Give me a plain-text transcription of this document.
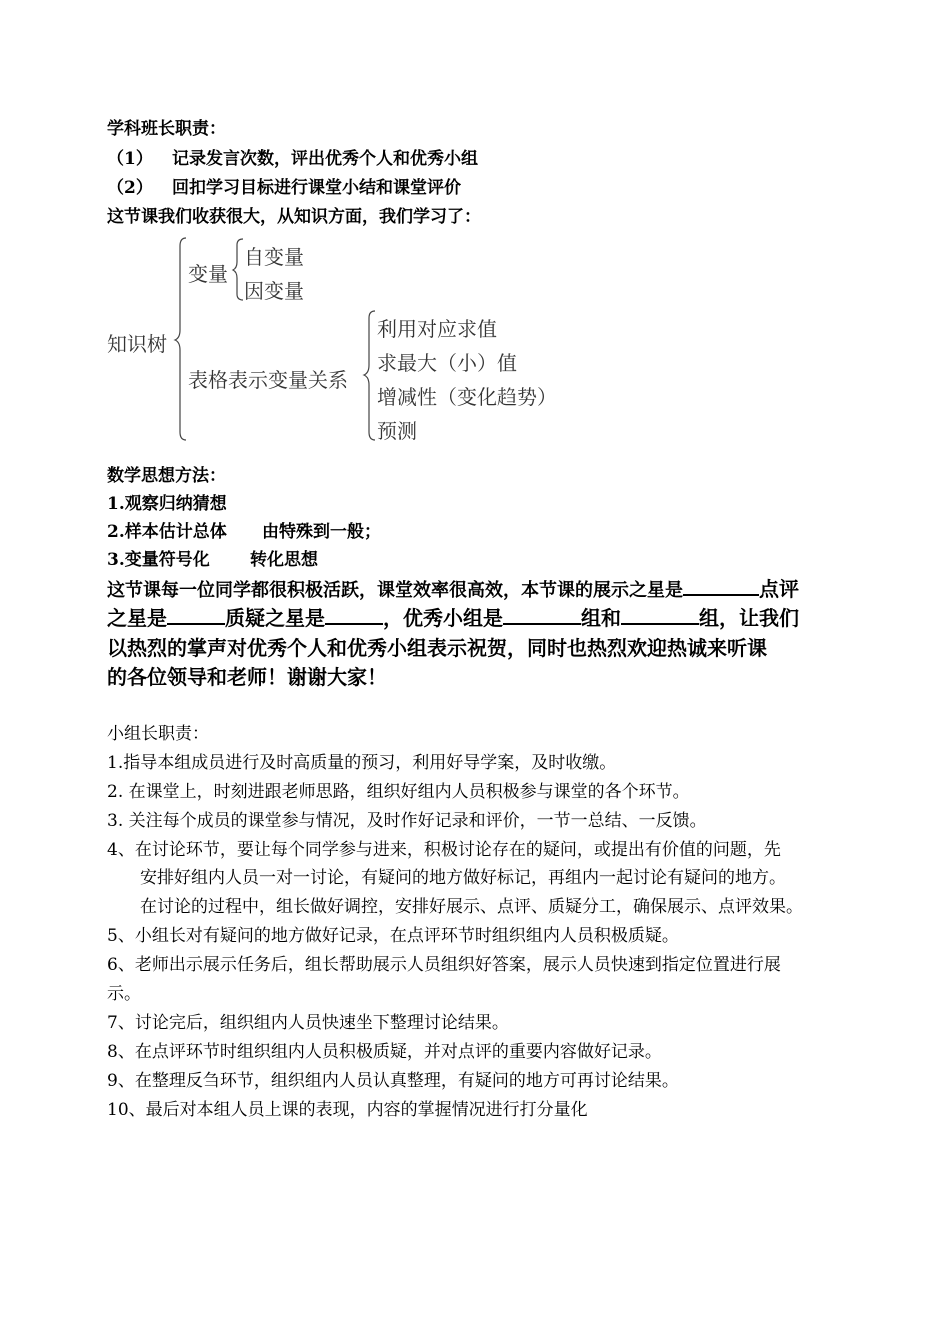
学科班长职责：
（1） 记录发言次数，评出优秀个人和优秀小组
（2） 回扣学习目标进行课堂小结和课堂评价
这节课我们收获很大，从知识方面，我们学习了：
知识树
变量
自变量
因变量
表格表示变量关系
利用对应求值
求最大（小）值
增减性（变化趋势）
预测
数学思想方法：
1.观察归纳猜想
2.样本估计总体 由特殊到一般；
3.变量符号化 转化思想
这节课每一位同学都很积极活跃，课堂效率很高效，本节课的展示之星是	点评
之星是	质疑之星是	，优秀小组是	组和	组，让我们
以热烈的掌声对优秀个人和优秀小组表示祝贺，同时也热烈欢迎热诚来听课
的各位领导和老师！谢谢大家！
小组长职责：
1.指导本组成员进行及时高质量的预习，利用好导学案，及时收缴。
2. 在课堂上，时刻进跟老师思路，组织好组内人员积极参与课堂的各个环节。
3. 关注每个成员的课堂参与情况，及时作好记录和评价，一节一总结、一反馈。
4、在讨论环节，要让每个同学参与进来，积极讨论存在的疑问，或提出有价值的问题，先
安排好组内人员一对一讨论，有疑问的地方做好标记，再组内一起讨论有疑问的地方。
在讨论的过程中，组长做好调控，安排好展示、点评、质疑分工，确保展示、点评效果。
5、小组长对有疑问的地方做好记录，在点评环节时组织组内人员积极质疑。
6、老师出示展示任务后，组长帮助展示人员组织好答案，展示人员快速到指定位置进行展
示。
7、讨论完后，组织组内人员快速坐下整理讨论结果。
8、在点评环节时组织组内人员积极质疑，并对点评的重要内容做好记录。
9、在整理反刍环节，组织组内人员认真整理，有疑问的地方可再讨论结果。
10、最后对本组人员上课的表现，内容的掌握情况进行打分量化
